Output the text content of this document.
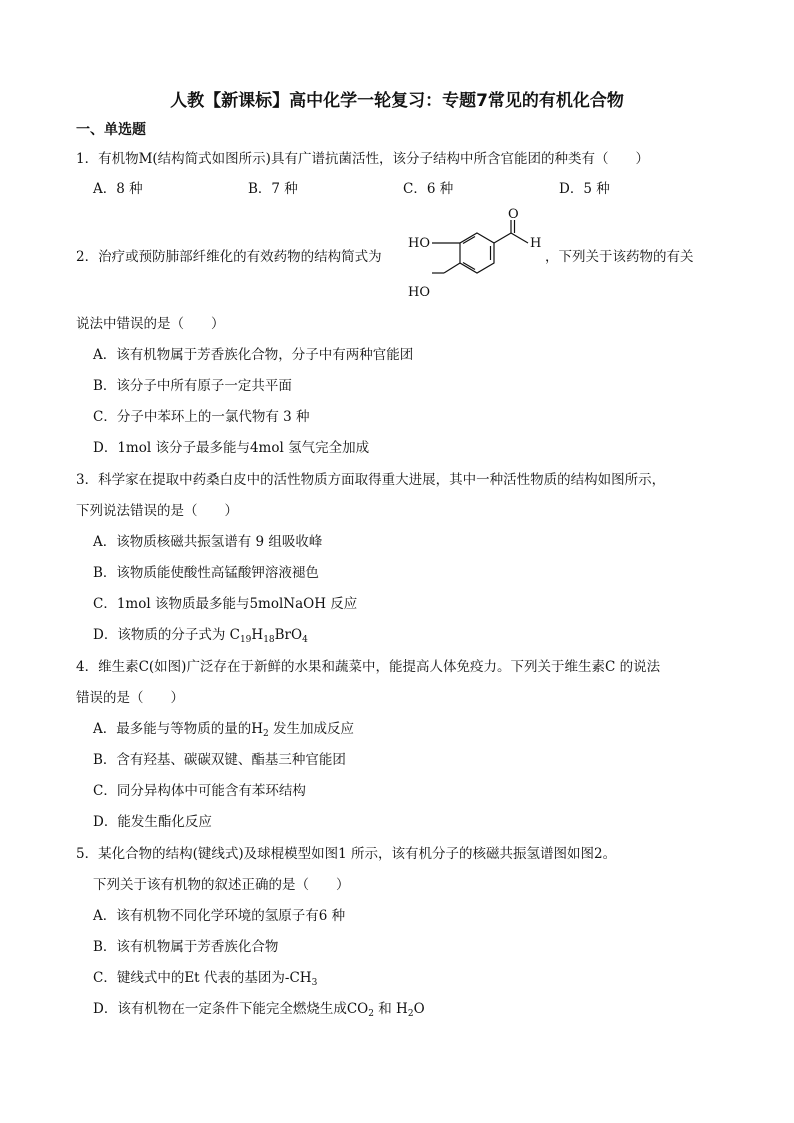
人教【新课标】高中化学一轮复习：专题7常见的有机化合物
一、单选题
1．有机物M(结构简式如图所示)具有广谱抗菌活性，该分子结构中所含官能团的种类有（　　）
A．8 种	B．7 种	C．6 种	D．5 种
2．治疗或预防肺部纤维化的有效药物的结构简式为
HO
HO
O
H
，下列关于该药物的有关
说法中错误的是（　　）
A．该有机物属于芳香族化合物，分子中有两种官能团
B．该分子中所有原子一定共平面
C．分子中苯环上的一氯代物有 3 种
D．1mol 该分子最多能与4mol 氢气完全加成
3．科学家在提取中药桑白皮中的活性物质方面取得重大进展，其中一种活性物质的结构如图所示，
下列说法错误的是（　　）
A．该物质核磁共振氢谱有 9 组吸收峰
B．该物质能使酸性高锰酸钾溶液褪色
C．1mol 该物质最多能与5molNaOH 反应
D．该物质的分子式为 $C_{19}H_{18}BrO_4$
4．维生素C(如图)广泛存在于新鲜的水果和蔬菜中，能提高人体免疫力。下列关于维生素C 的说法
错误的是（　　）
A．最多能与等物质的量的$H_2$ 发生加成反应
B．含有羟基、碳碳双键、酯基三种官能团
C．同分异构体中可能含有苯环结构
D．能发生酯化反应
5．某化合物的结构(键线式)及球棍模型如图1 所示，该有机分子的核磁共振氢谱图如图2。
下列关于该有机物的叙述正确的是（　　）
A．该有机物不同化学环境的氢原子有6 种
B．该有机物属于芳香族化合物
C．键线式中的Et 代表的基团为$-CH_3$
D．该有机物在一定条件下能完全燃烧生成$CO_2$ 和 $H_2O$
